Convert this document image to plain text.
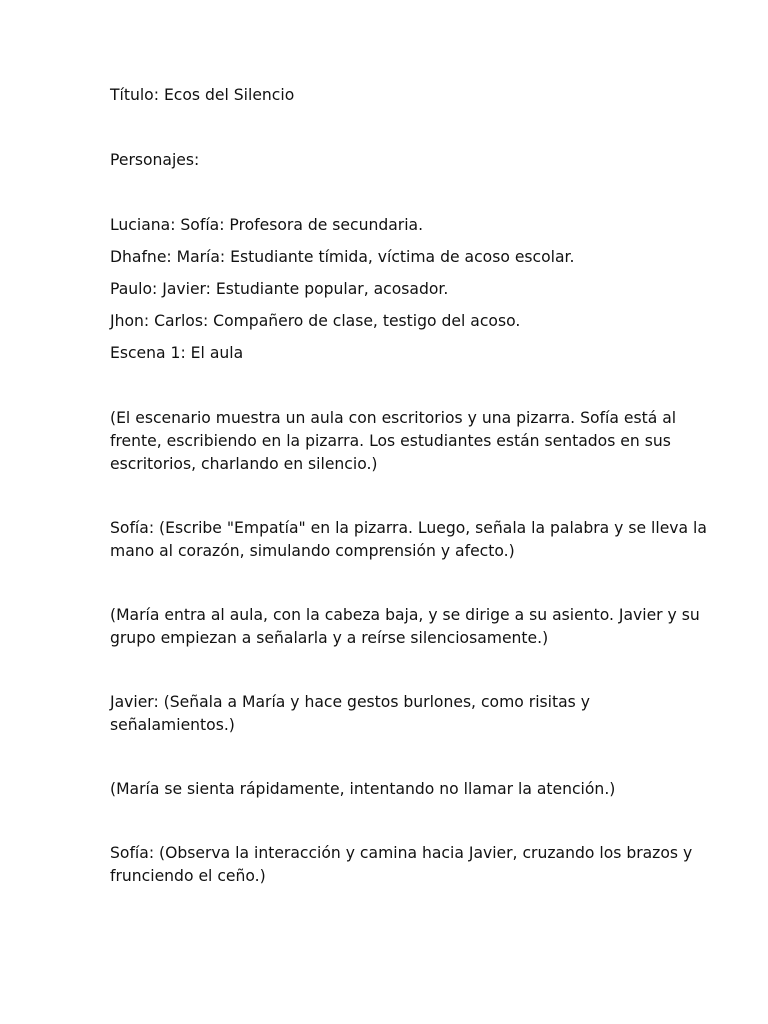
Título: Ecos del Silencio

Personajes:

Luciana: Sofía: Profesora de secundaria.

Dhafne: María: Estudiante tímida, víctima de acoso escolar.

Paulo: Javier: Estudiante popular, acosador.

Jhon: Carlos: Compañero de clase, testigo del acoso.

Escena 1: El aula

(El escenario muestra un aula con escritorios y una pizarra. Sofía está al

frente, escribiendo en la pizarra. Los estudiantes están sentados en sus

escritorios, charlando en silencio.)

Sofía: (Escribe "Empatía" en la pizarra. Luego, señala la palabra y se lleva la

mano al corazón, simulando comprensión y afecto.)

(María entra al aula, con la cabeza baja, y se dirige a su asiento. Javier y su

grupo empiezan a señalarla y a reírse silenciosamente.)

Javier: (Señala a María y hace gestos burlones, como risitas y

señalamientos.)

(María se sienta rápidamente, intentando no llamar la atención.)

Sofía: (Observa la interacción y camina hacia Javier, cruzando los brazos y

frunciendo el ceño.)
